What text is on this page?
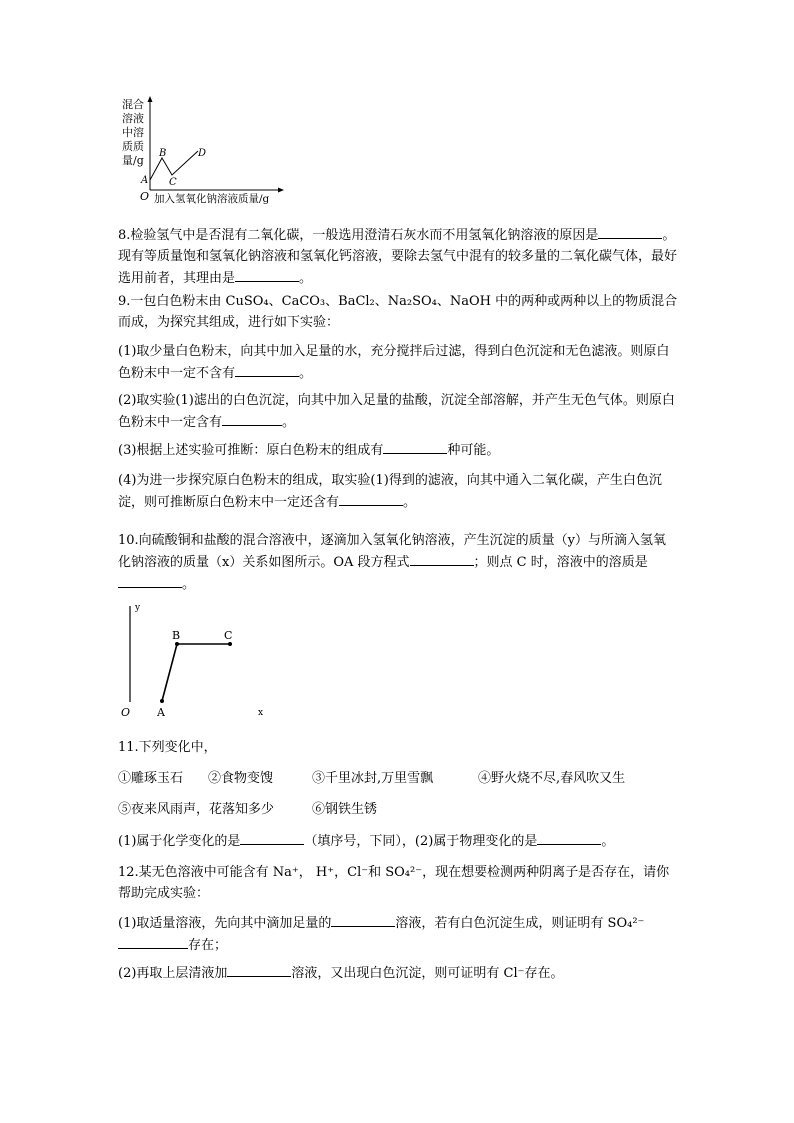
混合
溶液
中溶
质质
量/g
O
A
B
C
D
加入氢氧化钠溶液质量/g

8.检验氢气中是否混有二氧化碳，一般选用澄清石灰水而不用氢氧化钠溶液的原因是	。现有等质量饱和氢氧化钠溶液和氢氧化钙溶液，要除去氢气中混有的较多量的二氧化碳气体，最好选用前者，其理由是	。

9.一包白色粉末由 CuSO₄、CaCO₃、BaCl₂、Na₂SO₄、NaOH 中的两种或两种以上的物质混合而成，为探究其组成，进行如下实验：

(1)取少量白色粉末，向其中加入足量的水，充分搅拌后过滤，得到白色沉淀和无色滤液。则原白色粉末中一定不含有	。

(2)取实验(1)滤出的白色沉淀，向其中加入足量的盐酸，沉淀全部溶解，并产生无色气体。则原白色粉末中一定含有	。

(3)根据上述实验可推断：原白色粉末的组成有	种可能。

(4)为进一步探究原白色粉末的组成，取实验(1)得到的滤液，向其中通入二氧化碳，产生白色沉淀，则可推断原白色粉末中一定还含有	。

10.向硫酸铜和盐酸的混合溶液中，逐滴加入氢氧化钠溶液，产生沉淀的质量（y）与所滴入氢氧化钠溶液的质量（x）关系如图所示。OA 段方程式	；则点 C 时，溶液中的溶质是。

y
B	C
A
O	x

11.下列变化中，

①雕琢玉石 ②食物变馊	③千里冰封,万里雪飘	④野火烧不尽,春风吹又生

⑤夜来风雨声，花落知多少	⑥钢铁生锈

(1)属于化学变化的是	（填序号，下同），(2)属于物理变化的是	。

12.某无色溶液中可能含有 Na⁺， H⁺，Cl⁻和 SO₄²⁻，现在想要检测两种阴离子是否存在，请你帮助完成实验：

(1)取适量溶液，先向其中滴加足量的	溶液，若有白色沉淀生成，则证明有 SO₄²⁻存在；

(2)再取上层清液加	溶液，又出现白色沉淀，则可证明有 Cl⁻存在。
